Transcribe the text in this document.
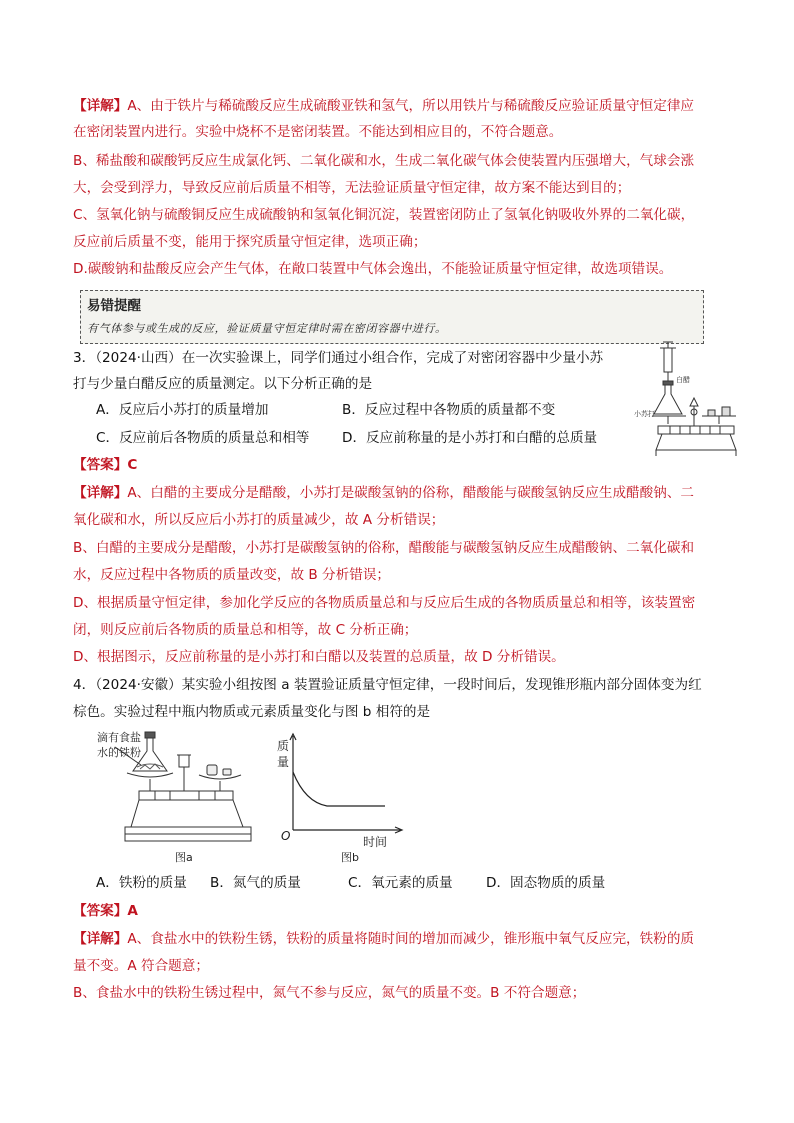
【详解】A、由于铁片与稀硫酸反应生成硫酸亚铁和氢气，所以用铁片与稀硫酸反应验证质量守恒定律应
在密闭装置内进行。实验中烧杯不是密闭装置。不能达到相应目的，不符合题意。
B、稀盐酸和碳酸钙反应生成氯化钙、二氧化碳和水，生成二氧化碳气体会使装置内压强增大，气球会涨
大，会受到浮力，导致反应前后质量不相等，无法验证质量守恒定律，故方案不能达到目的；
C、氢氧化钠与硫酸铜反应生成硫酸钠和氢氧化铜沉淀，装置密闭防止了氢氧化钠吸收外界的二氧化碳，
反应前后质量不变，能用于探究质量守恒定律，选项正确；
D.碳酸钠和盐酸反应会产生气体，在敞口装置中气体会逸出，不能验证质量守恒定律，故选项错误。
易错提醒
有气体参与或生成的反应，验证质量守恒定律时需在密闭容器中进行。
3．（2024·山西）在一次实验课上，同学们通过小组合作，完成了对密闭容器中少量小苏
打与少量白醋反应的质量测定。以下分析正确的是
A．反应后小苏打的质量增加	B．反应过程中各物质的质量都不变
C．反应前后各物质的质量总和相等 D．反应前称量的是小苏打和白醋的总质量
白醋
小苏打
【答案】C
【详解】A、白醋的主要成分是醋酸，小苏打是碳酸氢钠的俗称，醋酸能与碳酸氢钠反应生成醋酸钠、二
氧化碳和水，所以反应后小苏打的质量减少，故 A 分析错误；
B、白醋的主要成分是醋酸，小苏打是碳酸氢钠的俗称，醋酸能与碳酸氢钠反应生成醋酸钠、二氧化碳和
水，反应过程中各物质的质量改变，故 B 分析错误；
D、根据质量守恒定律，参加化学反应的各物质质量总和与反应后生成的各物质质量总和相等，该装置密
闭，则反应前后各物质的质量总和相等，故 C 分析正确；
D、根据图示，反应前称量的是小苏打和白醋以及装置的总质量，故 D 分析错误。
4．（2024·安徽）某实验小组按图 a 装置验证质量守恒定律，一段时间后，发现锥形瓶内部分固体变为红
棕色。实验过程中瓶内物质或元素质量变化与图 b 相符的是
滴有食盐
水的铁粉
图a
质
量
O	时间
图b
A．铁粉的质量 B．氮气的质量	C．氧元素的质量 D．固态物质的质量
【答案】A
【详解】A、食盐水中的铁粉生锈，铁粉的质量将随时间的增加而减少，锥形瓶中氧气反应完，铁粉的质
量不变。A 符合题意；
B、食盐水中的铁粉生锈过程中，氮气不参与反应，氮气的质量不变。B 不符合题意；
